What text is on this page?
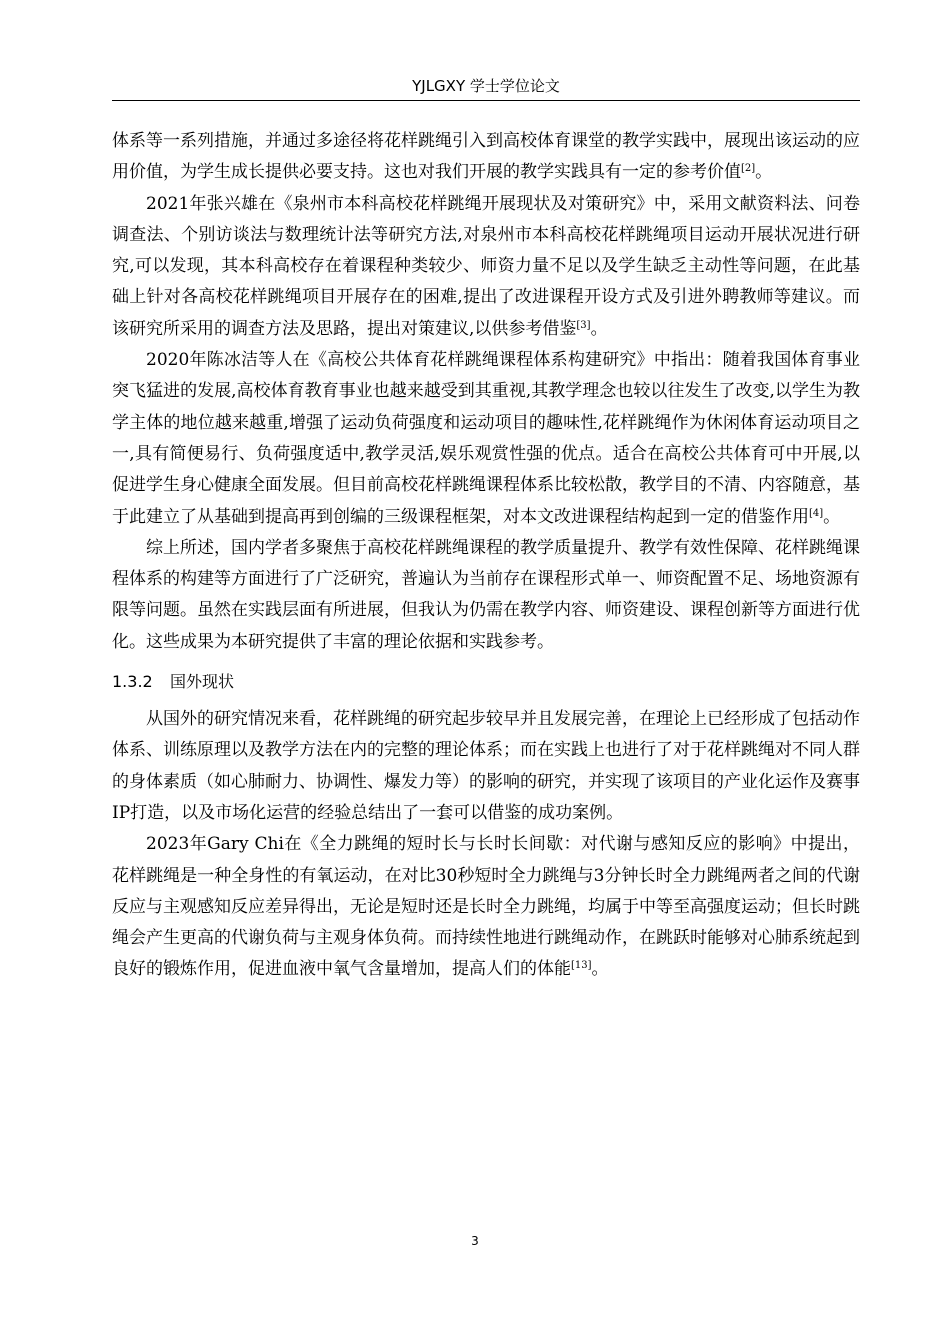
YJLGXY 学士学位论文

体系等一系列措施，并通过多途径将花样跳绳引入到高校体育课堂的教学实践中，展现出该运动的应用价值，为学生成长提供必要支持。这也对我们开展的教学实践具有一定的参考价值[2]。

2021年张兴雄在《泉州市本科高校花样跳绳开展现状及对策研究》中，采用文献资料法、问卷调查法、个别访谈法与数理统计法等研究方法,对泉州市本科高校花样跳绳项目运动开展状况进行研究,可以发现，其本科高校存在着课程种类较少、师资力量不足以及学生缺乏主动性等问题，在此基础上针对各高校花样跳绳项目开展存在的困难,提出了改进课程开设方式及引进外聘教师等建议。而该研究所采用的调查方法及思路，提出对策建议,以供参考借鉴[3]。

2020年陈冰洁等人在《高校公共体育花样跳绳课程体系构建研究》中指出：随着我国体育事业突飞猛进的发展,高校体育教育事业也越来越受到其重视,其教学理念也较以往发生了改变,以学生为教学主体的地位越来越重,增强了运动负荷强度和运动项目的趣味性,花样跳绳作为休闲体育运动项目之一,具有简便易行、负荷强度适中,教学灵活,娱乐观赏性强的优点。适合在高校公共体育可中开展,以促进学生身心健康全面发展。但目前高校花样跳绳课程体系比较松散，教学目的不清、内容随意，基于此建立了从基础到提高再到创编的三级课程框架，对本文改进课程结构起到一定的借鉴作用[4]。

综上所述，国内学者多聚焦于高校花样跳绳课程的教学质量提升、教学有效性保障、花样跳绳课程体系的构建等方面进行了广泛研究，普遍认为当前存在课程形式单一、师资配置不足、场地资源有限等问题。虽然在实践层面有所进展，但我认为仍需在教学内容、师资建设、课程创新等方面进行优化。这些成果为本研究提供了丰富的理论依据和实践参考。

1.3.2 国外现状

从国外的研究情况来看，花样跳绳的研究起步较早并且发展完善，在理论上已经形成了包括动作体系、训练原理以及教学方法在内的完整的理论体系；而在实践上也进行了对于花样跳绳对不同人群的身体素质（如心肺耐力、协调性、爆发力等）的影响的研究，并实现了该项目的产业化运作及赛事IP打造，以及市场化运营的经验总结出了一套可以借鉴的成功案例。

2023年Gary Chi在《全力跳绳的短时长与长时长间歇：对代谢与感知反应的影响》中提出，花样跳绳是一种全身性的有氧运动，在对比30秒短时全力跳绳与3分钟长时全力跳绳两者之间的代谢反应与主观感知反应差异得出，无论是短时还是长时全力跳绳，均属于中等至高强度运动；但长时跳绳会产生更高的代谢负荷与主观身体负荷。而持续性地进行跳绳动作，在跳跃时能够对心肺系统起到良好的锻炼作用，促进血液中氧气含量增加，提高人们的体能[13]。

3
